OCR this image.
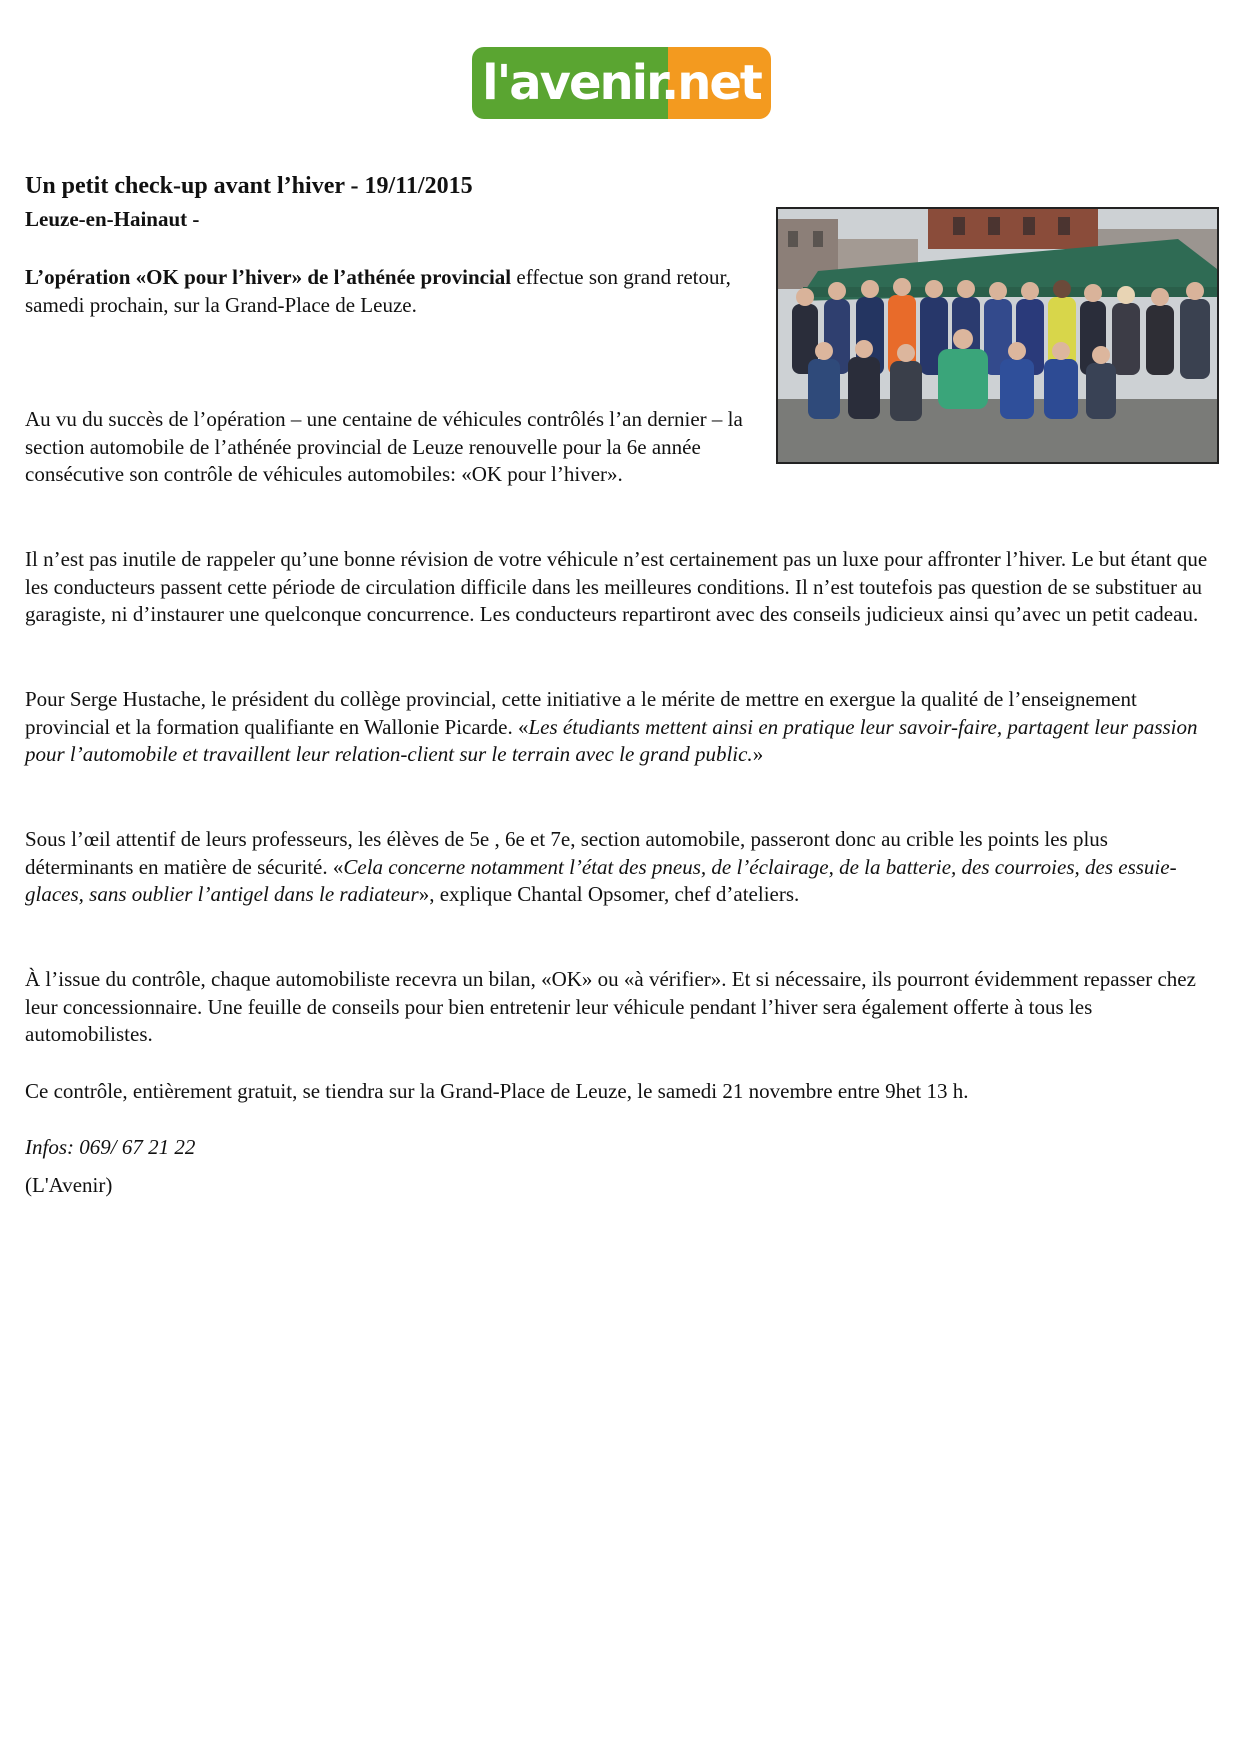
l'avenir.net
Un petit check-up avant l’hiver - 19/11/2015
Leuze-en-Hainaut -

L’opération «OK pour l’hiver» de l’athénée provincial effectue son grand retour, samedi prochain, sur la Grand-Place de Leuze.

Au vu du succès de l’opération – une centaine de véhicules contrôlés l’an dernier – la section automobile de l’athénée provincial de Leuze renouvelle pour la 6e année consécutive son contrôle de véhicules automobiles: «OK pour l’hiver».

Il n’est pas inutile de rappeler qu’une bonne révision de votre véhicule n’est certainement pas un luxe pour affronter l’hiver. Le but étant que les conducteurs passent cette période de circulation difficile dans les meilleures conditions. Il n’est toutefois pas question de se substituer au garagiste, ni d’instaurer une quelconque concurrence. Les conducteurs repartiront avec des conseils judicieux ainsi qu’avec un petit cadeau.

Pour Serge Hustache, le président du collège provincial, cette initiative a le mérite de mettre en exergue la qualité de l’enseignement provincial et la formation qualifiante en Wallonie Picarde. «Les étudiants mettent ainsi en pratique leur savoir-faire, partagent leur passion pour l’automobile et travaillent leur relation-client sur le terrain avec le grand public.»

Sous l’œil attentif de leurs professeurs, les élèves de 5e , 6e et 7e, section automobile, passeront donc au crible les points les plus déterminants en matière de sécurité. «Cela concerne notamment l’état des pneus, de l’éclairage, de la batterie, des courroies, des essuie-glaces, sans oublier l’antigel dans le radiateur», explique Chantal Opsomer, chef d’ateliers.

À l’issue du contrôle, chaque automobiliste recevra un bilan, «OK» ou «à vérifier». Et si nécessaire, ils pourront évidemment repasser chez leur concessionnaire. Une feuille de conseils pour bien entretenir leur véhicule pendant l’hiver sera également offerte à tous les automobilistes.

Ce contrôle, entièrement gratuit, se tiendra sur la Grand-Place de Leuze, le samedi 21 novembre entre 9het 13 h.

Infos: 069/ 67 21 22

(L'Avenir)
